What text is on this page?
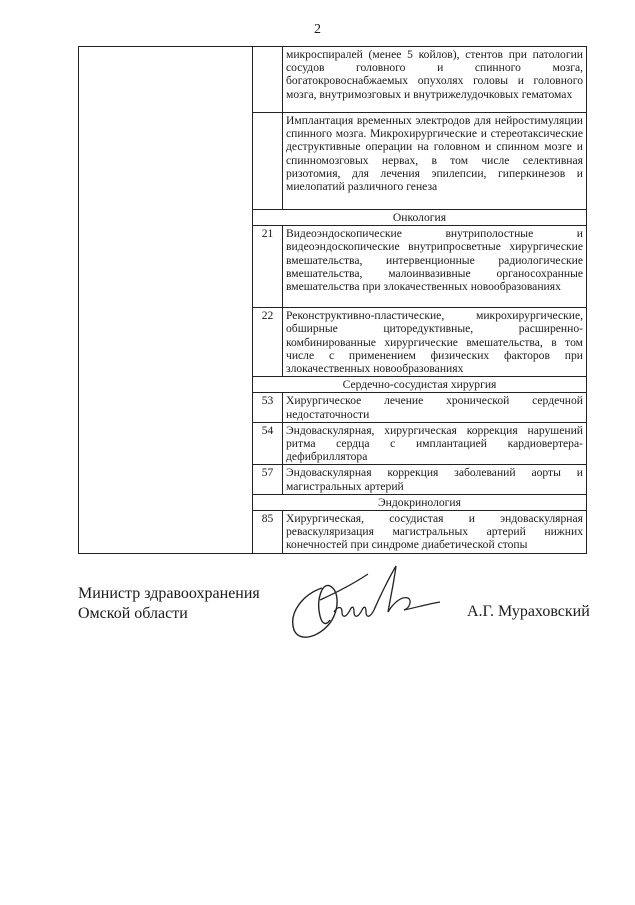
2
		микроспиралей (менее 5 койлов), стентов при патологии сосудов головного и спинного мозга, богатокровоснабжаемых опухолях головы и головного мозга, внутримозговых и внутрижелудочковых гематомах
		Имплантация временных электродов для нейростимуляции спинного мозга. Микрохирургические и стереотаксические деструктивные операции на головном и спинном мозге и спинномозговых нервах, в том числе селективная ризотомия, для лечения эпилепсии, гиперкинезов и миелопатий различного генеза
	Онкология	
	21	Видеоэндоскопические внутриполостные и видеоэндоскопические внутрипросветные хирургические вмешательства, интервенционные радиологические вмешательства, малоинвазивные органосохранные вмешательства при злокачественных новообразованиях
	22	Реконструктивно-пластические, микрохирургические, обширные циторедуктивные, расширенно-комбинированные хирургические вмешательства, в том числе с применением физических факторов при злокачественных новообразованиях
	Сердечно-сосудистая хирургия	
	53	Хирургическое лечение хронической сердечной недостаточности
	54	Эндоваскулярная, хирургическая коррекция нарушений ритма сердца с имплантацией кардиовертера-дефибриллятора
	57	Эндоваскулярная коррекция заболеваний аорты и магистральных артерий
	Эндокринология	
	85	Хирургическая, сосудистая и эндоваскулярная реваскуляризация магистральных артерий нижних конечностей при синдроме диабетической стопы
Министр здравоохранения
Омской области	А.Г. Мураховский
